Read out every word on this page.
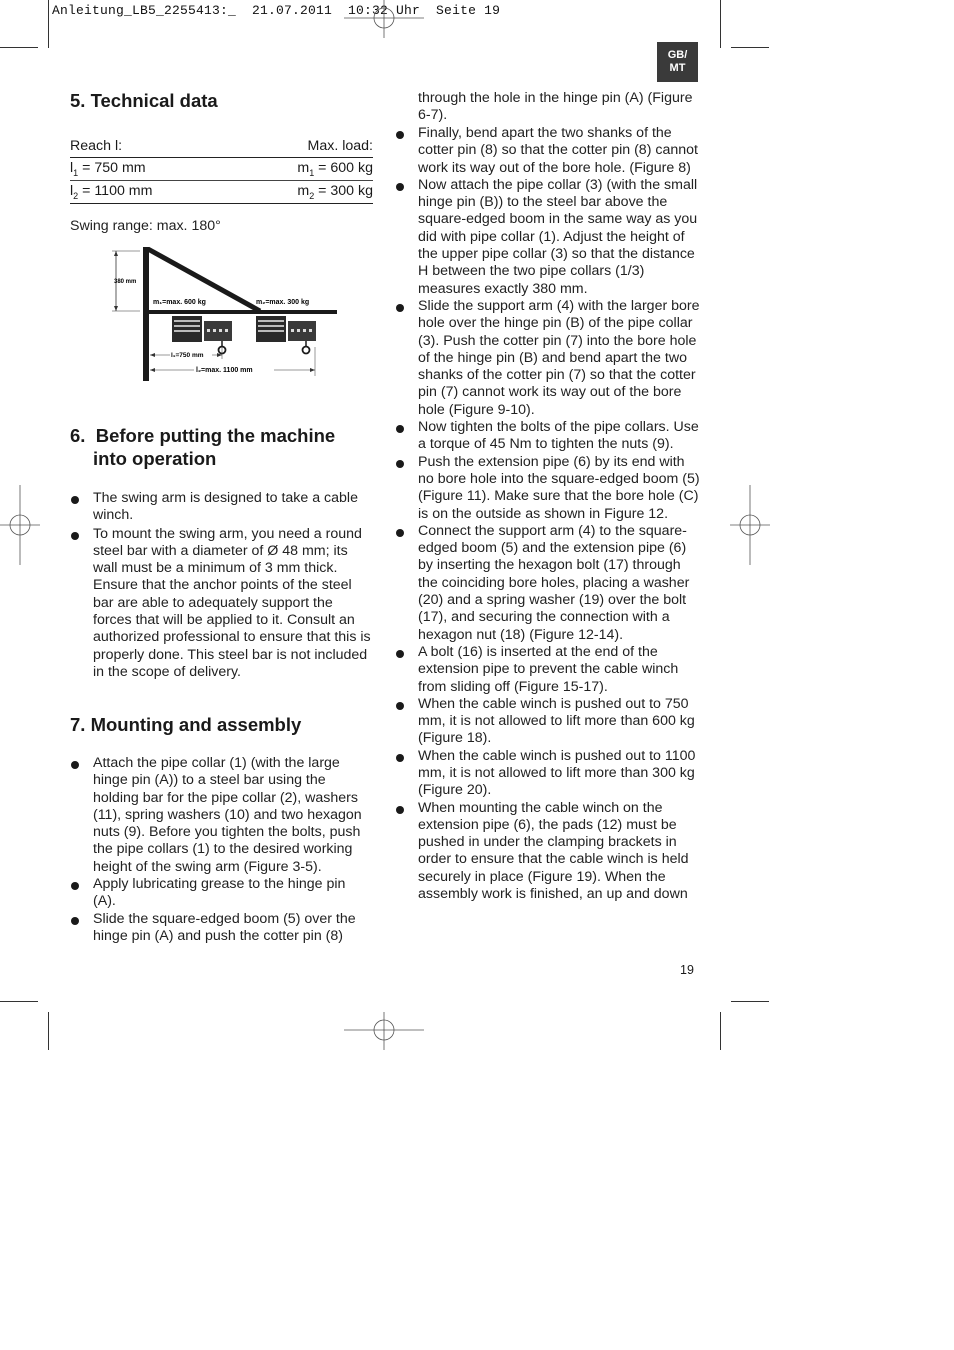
Anleitung_LB5_2255413:_  21.07.2011  10:32 Uhr  Seite 19
GB/
MT
5. Technical data
Reach l:	Max. load:
$l_1 = 750$ mm	$m_1 = 600$ kg
$l_2 = 1100$ mm	$m_2 = 300$ kg
Swing range: max. 180°
380 mm
m₁=max. 600 kg	m₂=max. 300 kg
l₁=750 mm
l₂=max. 1100 mm
6.  Before putting the machine
into operation
The swing arm is designed to take a cable winch.
To mount the swing arm, you need a round steel bar with a diameter of Ø 48 mm; its wall must be a minimum of 3 mm thick. Ensure that the anchor points of the steel bar are able to adequately support the forces that will be applied to it. Consult an authorized professional to ensure that this is properly done. This steel bar is not included in the scope of delivery.
7. Mounting and assembly
Attach the pipe collar (1) (with the large hinge pin (A)) to a steel bar using the holding bar for the pipe collar (2), washers (11), spring washers (10) and two hexagon nuts (9). Before you tighten the bolts, push the pipe collars (1) to the desired working height of the swing arm (Figure 3-5).
Apply lubricating grease to the hinge pin (A).
Slide the square-edged boom (5) over the hinge pin (A) and push the cotter pin (8)
through the hole in the hinge pin (A) (Figure 6-7).
Finally, bend apart the two shanks of the cotter pin (8) so that the cotter pin (8) cannot work its way out of the bore hole. (Figure 8)
Now attach the pipe collar (3) (with the small hinge pin (B)) to the steel bar above the square-edged boom in the same way as you did with pipe collar (1). Adjust the height of the upper pipe collar (3) so that the distance H between the two pipe collars (1/3) measures exactly 380 mm.
Slide the support arm (4) with the larger bore hole over the hinge pin (B) of the pipe collar (3). Push the cotter pin (7) into the bore hole of the hinge pin (B) and bend apart the two shanks of the cotter pin (7) so that the cotter pin (7) cannot work its way out of the bore hole (Figure 9-10).
Now tighten the bolts of the pipe collars. Use a torque of 45 Nm to tighten the nuts (9).
Push the extension pipe (6) by its end with no bore hole into the square-edged boom (5) (Figure 11). Make sure that the bore hole (C) is on the outside as shown in Figure 12.
Connect the support arm (4) to the square-edged boom (5) and the extension pipe (6) by inserting the hexagon bolt (17) through the coinciding bore holes, placing a washer (20) and a spring washer (19) over the bolt (17), and securing the connection with a hexagon nut (18) (Figure 12-14).
A bolt (16) is inserted at the end of the extension pipe to prevent the cable winch from sliding off (Figure 15-17).
When the cable winch is pushed out to 750 mm, it is not allowed to lift more than 600 kg (Figure 18).
When the cable winch is pushed out to 1100 mm, it is not allowed to lift more than 300 kg (Figure 20).
When mounting the cable winch on the extension pipe (6), the pads (12) must be pushed in under the clamping brackets in order to ensure that the cable winch is held securely in place (Figure 19). When the assembly work is finished, an up and down
19
